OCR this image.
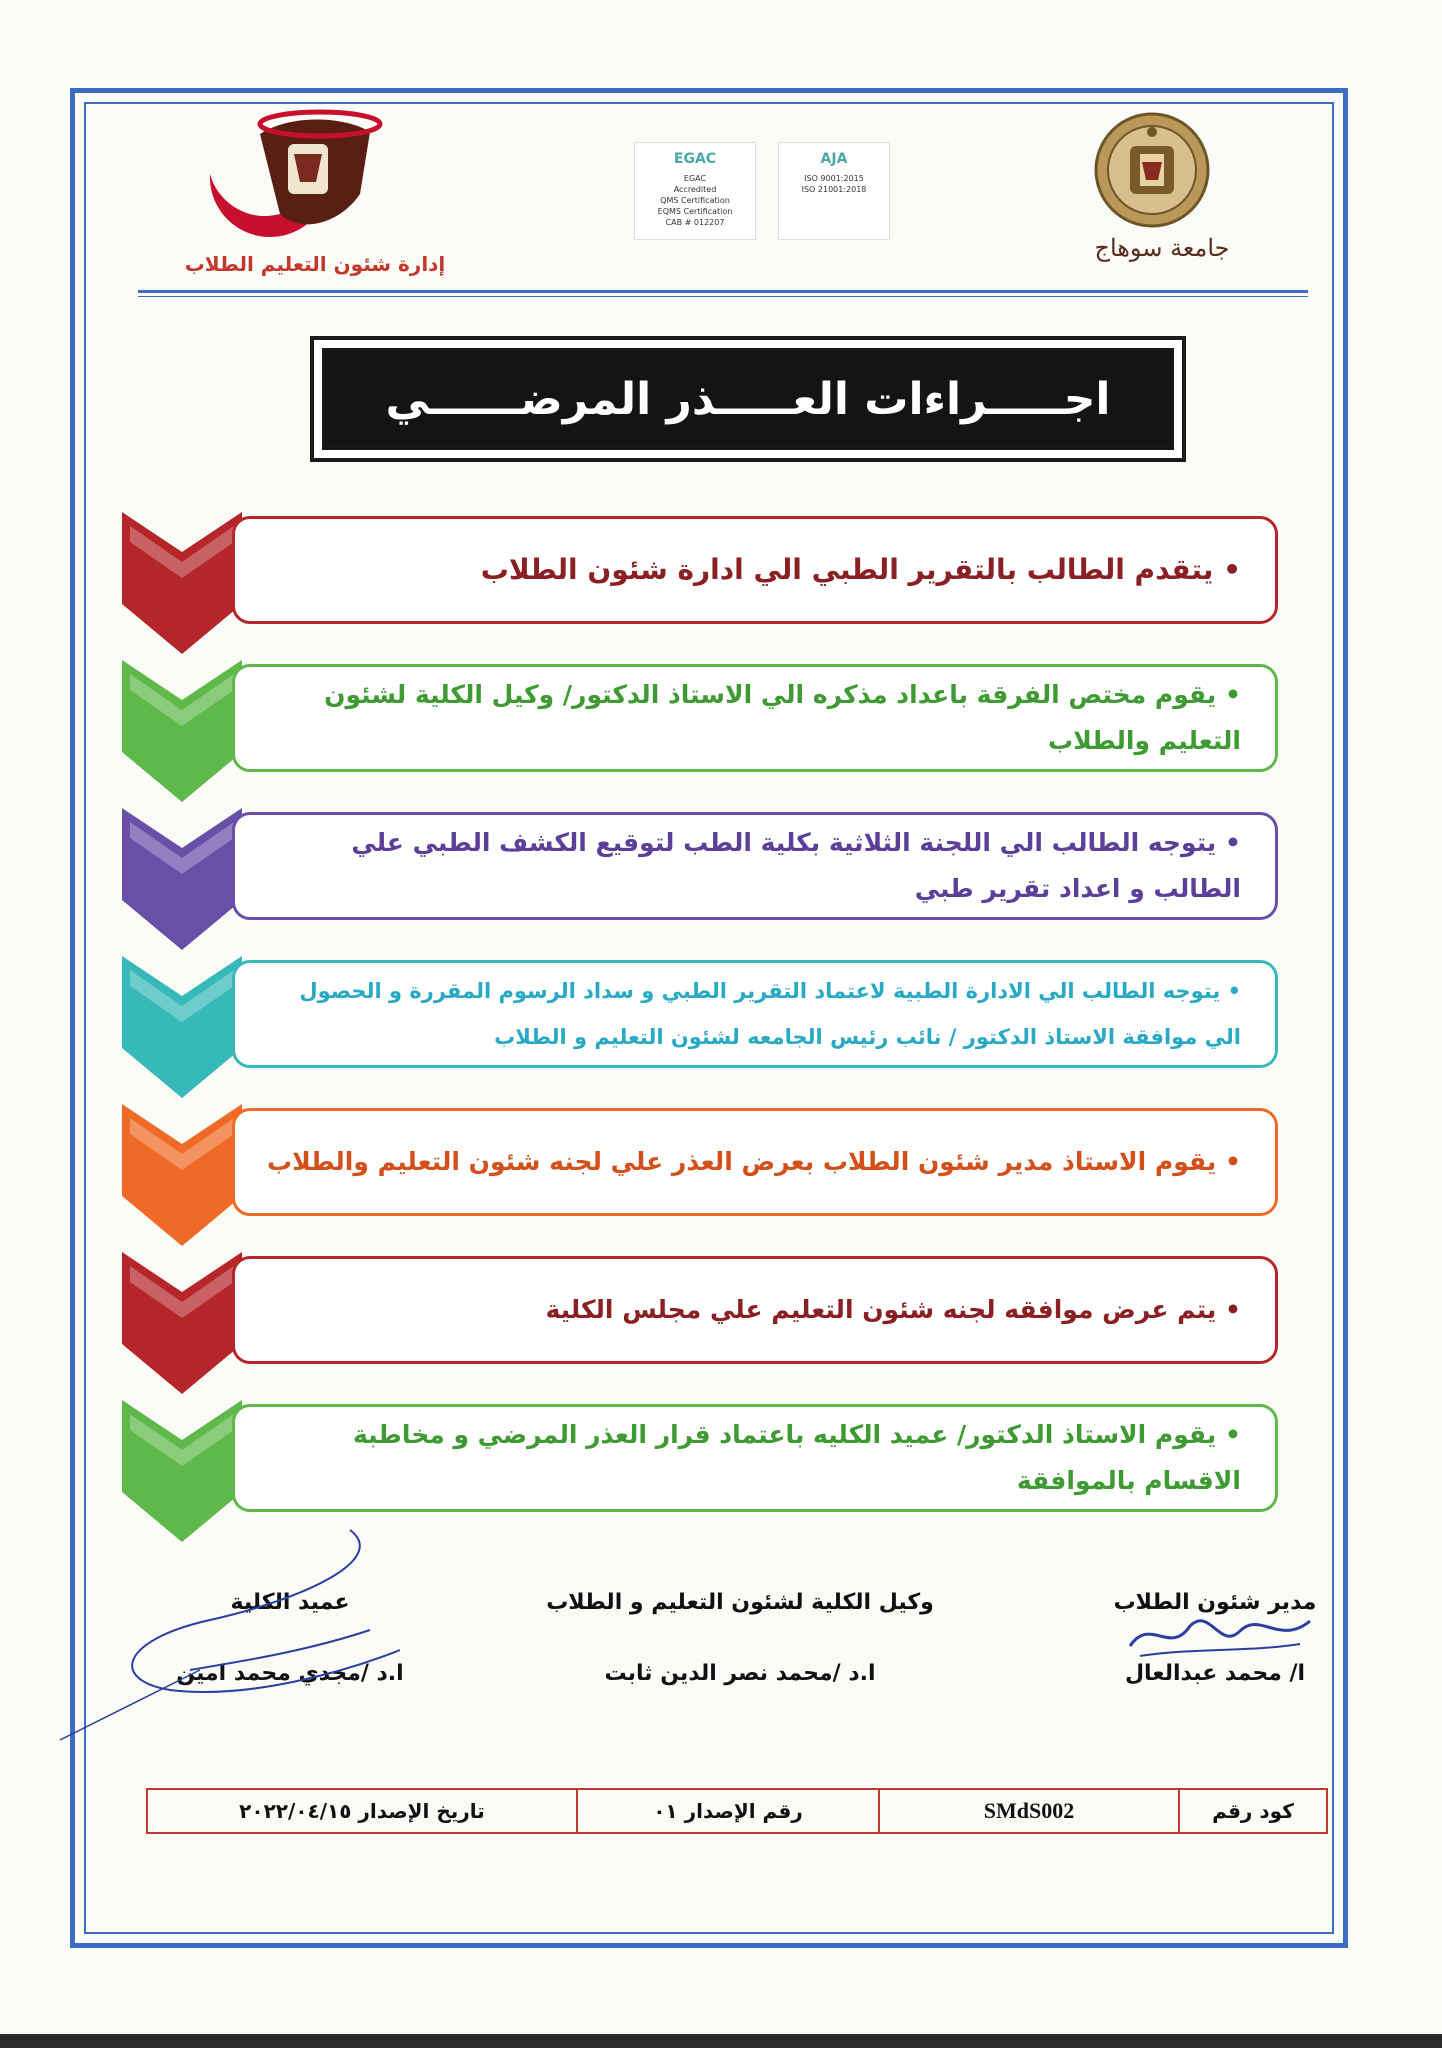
جامعة سوهاج
EGAC
EGAC
Accredited
QMS Certification
EQMS Certification
CAB # 012207
AJA
ISO 9001:2015
ISO 21001:2018
إدارة شئون التعليم الطلاب
اجـــــراءات العـــــذر المرضــــــي
• يتقدم الطالب بالتقرير الطبي الي ادارة شئون الطلاب
• يقوم مختص الفرقة باعداد مذكره الي الاستاذ الدكتور/ وكيل الكلية لشئون التعليم والطلاب
• يتوجه الطالب الي اللجنة الثلاثية بكلية الطب لتوقيع الكشف الطبي علي الطالب و اعداد تقرير طبي
• يتوجه الطالب الي الادارة الطبية لاعتماد التقرير الطبي و سداد الرسوم المقررة و الحصول الي موافقة الاستاذ الدكتور / نائب رئيس الجامعه لشئون التعليم و الطلاب
• يقوم الاستاذ مدير شئون الطلاب بعرض العذر علي لجنه شئون التعليم والطلاب
• يتم عرض موافقه لجنه شئون التعليم علي مجلس الكلية
• يقوم الاستاذ الدكتور/ عميد الكليه باعتماد قرار العذر المرضي و مخاطبة الاقسام بالموافقة
مدير شئون الطلاب
ا/ محمد عبدالعال
وكيل الكلية لشئون التعليم و الطلاب
ا.د /محمد نصر الدين ثابت
عميد الكلية
ا.د /مجدي محمد امين
كود رقم
SMdS002
رقم الإصدار ٠١
تاريخ الإصدار ٢٠٢٢/٠٤/١٥
